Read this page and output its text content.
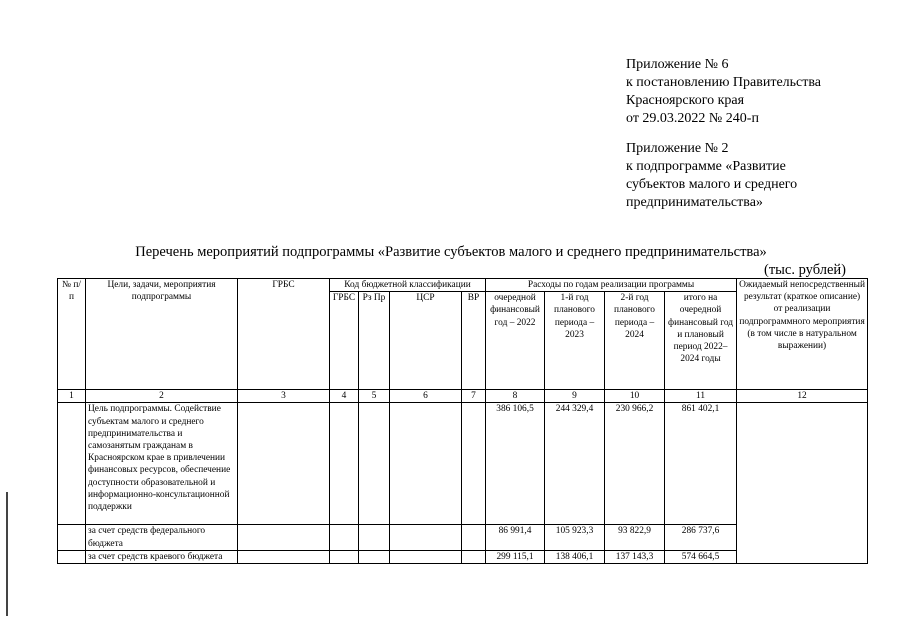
Приложение № 6
к постановлению Правительства
Красноярского края
от 29.03.2022 № 240-п
Приложение № 2
к подпрограмме «Развитие
субъектов малого и среднего
предпринимательства»
Перечень мероприятий подпрограммы «Развитие субъектов малого и среднего предпринимательства»
(тыс. рублей)
№ п/п	Цели, задачи, мероприятия подпрограммы	ГРБС	Код бюджетной классификации				Расходы по годам реализации программы				Ожидаемый непосредственный результат (краткое описание) от реализации подпрограммного мероприятия (в том числе в натуральном выражении)
			ГРБС	Рз Пр	ЦСР	ВР	очередной финансовый год – 2022	1-й год планового периода – 2023	2-й год планового периода – 2024	итого на очередной финансовый год и плановый период 2022–2024 годы	
1	2	3	4	5	6	7	8	9	10	11	12
	Цель подпрограммы. Содействие субъектам малого и среднего предпринимательства и самозанятым гражданам в Красноярском крае в привлечении финансовых ресурсов, обеспечение доступности образовательной и информационно-консультационной поддержки						386 106,5	244 329,4	230 966,2	861 402,1	
	за счет средств федерального бюджета						86 991,4	105 923,3	93 822,9	286 737,6	
	за счет средств краевого бюджета						299 115,1	138 406,1	137 143,3	574 664,5	
